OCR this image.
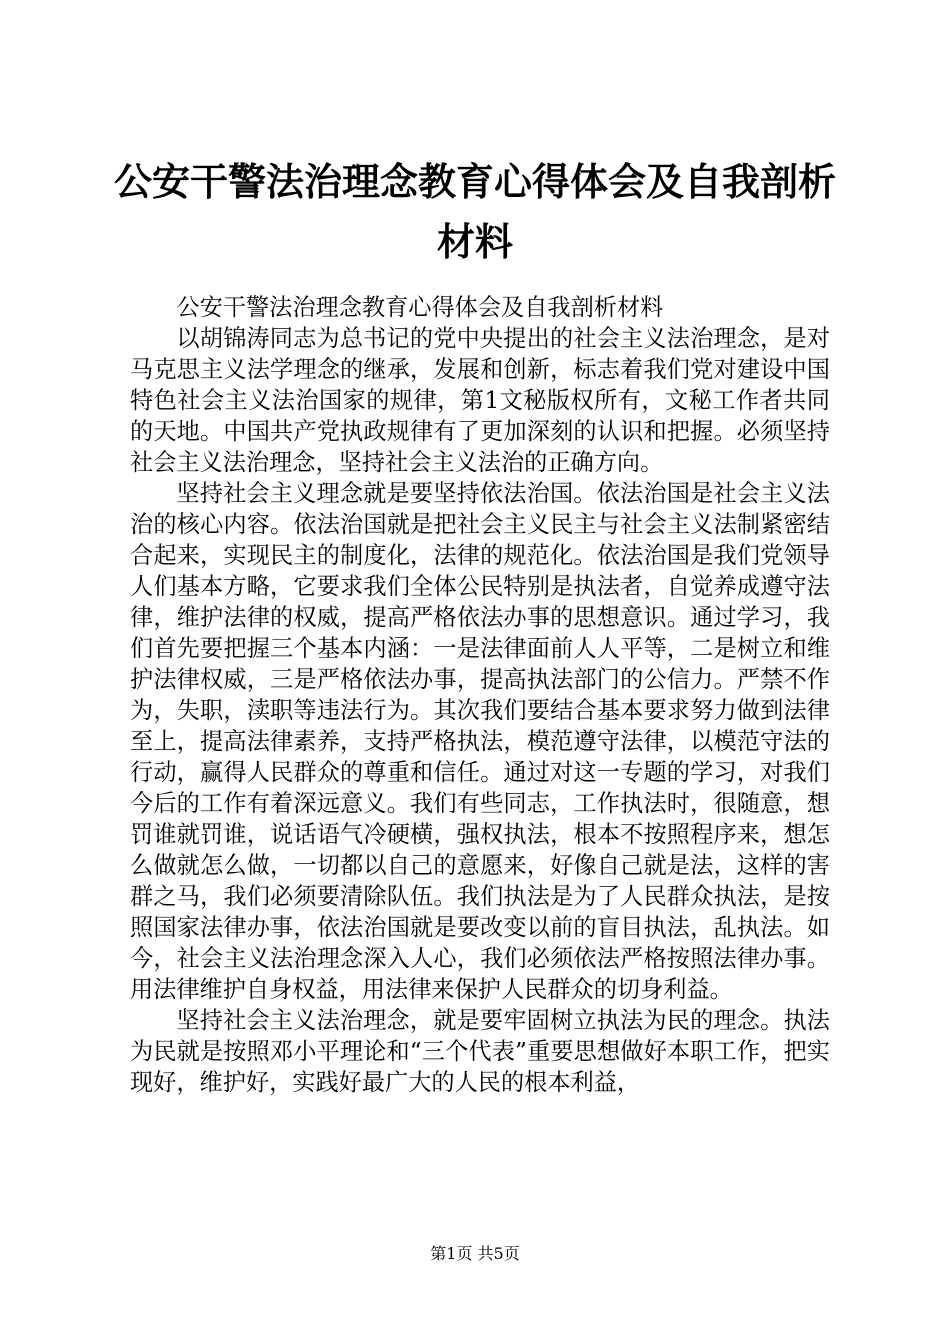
公安干警法治理念教育心得体会及自我剖析材料

公安干警法治理念教育心得体会及自我剖析材料

以胡锦涛同志为总书记的党中央提出的社会主义法治理念，是对马克思主义法学理念的继承，发展和创新，标志着我们党对建设中国特色社会主义法治国家的规律，第1文秘版权所有，文秘工作者共同的天地。中国共产党执政规律有了更加深刻的认识和把握。必须坚持社会主义法治理念，坚持社会主义法治的正确方向。

坚持社会主义理念就是要坚持依法治国。依法治国是社会主义法治的核心内容。依法治国就是把社会主义民主与社会主义法制紧密结合起来，实现民主的制度化，法律的规范化。依法治国是我们党领导人们基本方略，它要求我们全体公民特别是执法者，自觉养成遵守法律，维护法律的权威，提高严格依法办事的思想意识。通过学习，我们首先要把握三个基本内涵：一是法律面前人人平等，二是树立和维护法律权威，三是严格依法办事，提高执法部门的公信力。严禁不作为，失职，渎职等违法行为。其次我们要结合基本要求努力做到法律至上，提高法律素养，支持严格执法，模范遵守法律，以模范守法的行动，赢得人民群众的尊重和信任。通过对这一专题的学习，对我们今后的工作有着深远意义。我们有些同志，工作执法时，很随意，想罚谁就罚谁，说话语气冷硬横，强权执法，根本不按照程序来，想怎么做就怎么做，一切都以自己的意愿来，好像自己就是法，这样的害群之马，我们必须要清除队伍。我们执法是为了人民群众执法，是按照国家法律办事，依法治国就是要改变以前的盲目执法，乱执法。如今，社会主义法治理念深入人心，我们必须依法严格按照法律办事。用法律维护自身权益，用法律来保护人民群众的切身利益。

坚持社会主义法治理念，就是要牢固树立执法为民的理念。执法为民就是按照邓小平理论和“三个代表”重要思想做好本职工作，把实现好，维护好，实践好最广大的人民的根本利益，

第1页 共5页
